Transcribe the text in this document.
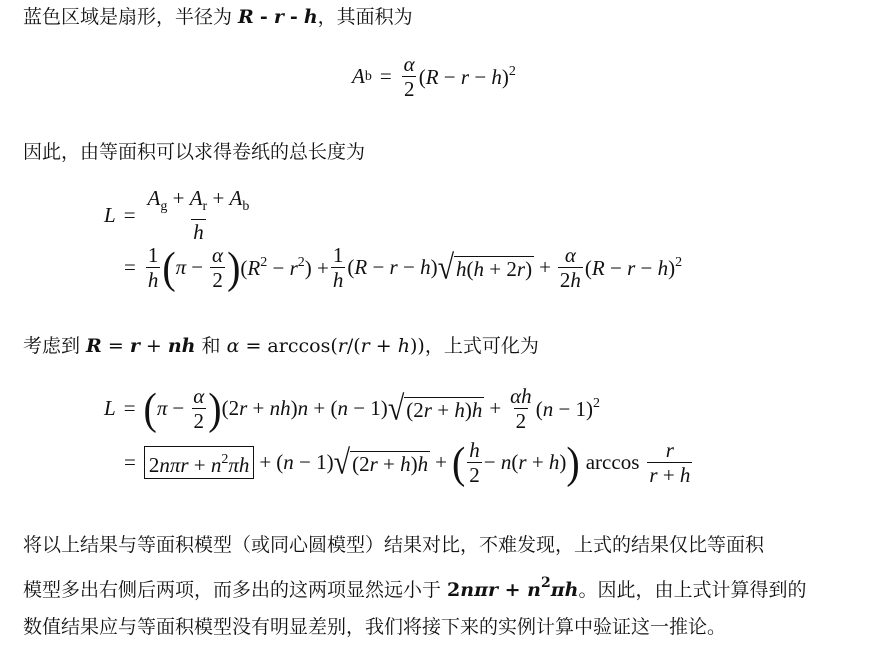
蓝色区域是扇形，半径为 R - r - h，其面积为
A $b = \frac{\alpha}{2} (R - r - h)^2$
因此，由等面积可以求得卷纸的总长度为
$L = \frac{A_g + A_r + A_b}{h}$
= $\frac{1}{h}$ ( $\pi - \frac{\alpha}{2}$ ) $(R^2 - r^2) + \frac{1}{h} (R - r - h)$ √ $h(h + 2r) + \frac{\alpha}{2h} (R - r - h)^2$
考虑到 R = r + nh 和 α = arccos(r/(r + h))，上式可化为
L = ( $\pi - \frac{\alpha}{2}$ ) (2r + nh)n + (n − 1) √ $(2r + h)h + \frac{\alpha h}{2} (n - 1)^2$
= $2n\pi r + n^2\pi h + (n - 1)$ √ (2r + h)h + ( $\frac{h}{2} - n(r + h)$ ) $\arccos \frac{r}{r + h}$
将以上结果与等面积模型（或同心圆模型）结果对比，不难发现，上式的结果仅比等面积
模型多出右侧后两项，而多出的这两项显然远小于 $2n\pi r + n^2\pi h$。因此，由上式计算得到的
数值结果应与等面积模型没有明显差别，我们将接下来的实例计算中验证这一推论。
